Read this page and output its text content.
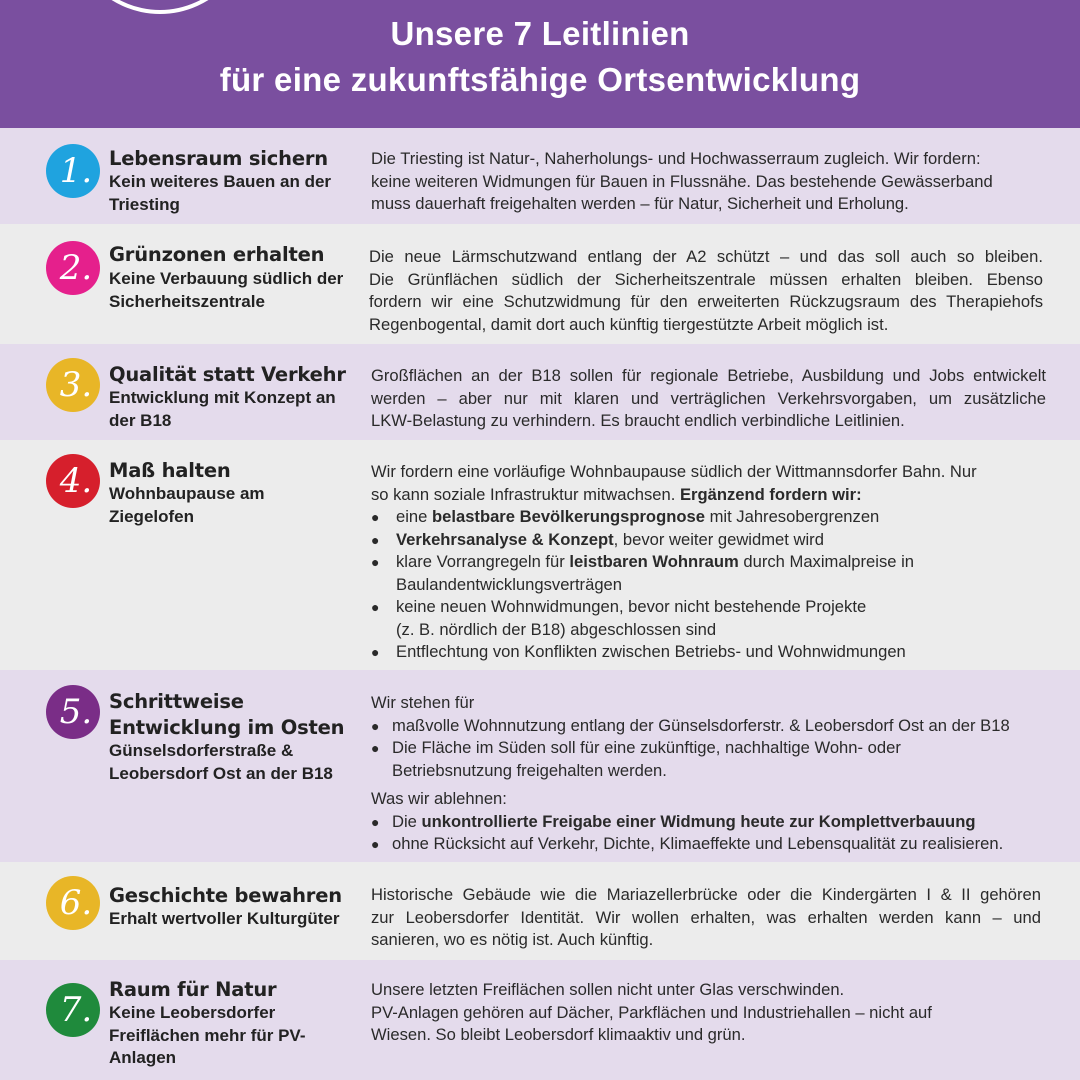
Unsere 7 Leitlinien
für eine zukunftsfähige Ortsentwicklung
1. Lebensraum sichern
Kein weiteres Bauen an der
Triesting
Die Triesting ist Natur-, Naherholungs- und Hochwasserraum zugleich. Wir fordern:
keine weiteren Widmungen für Bauen in Flussnähe. Das bestehende Gewässerband
muss dauerhaft freigehalten werden – für Natur, Sicherheit und Erholung.
2. Grünzonen erhalten
Keine Verbauung südlich der
Sicherheitszentrale
Die neue Lärmschutzwand entlang der A2 schützt – und das soll auch so bleiben.
Die Grünflächen südlich der Sicherheitszentrale müssen erhalten bleiben. Ebenso
fordern wir eine Schutzwidmung für den erweiterten Rückzugsraum des Therapiehofs
Regenbogental, damit dort auch künftig tiergestützte Arbeit möglich ist.
3. Qualität statt Verkehr
Entwicklung mit Konzept an
der B18
Großflächen an der B18 sollen für regionale Betriebe, Ausbildung und Jobs entwickelt
werden – aber nur mit klaren und verträglichen Verkehrsvorgaben, um zusätzliche
LKW-Belastung zu verhindern. Es braucht endlich verbindliche Leitlinien.
4. Maß halten
Wohnbaupause am
Ziegelofen
Wir fordern eine vorläufige Wohnbaupause südlich der Wittmannsdorfer Bahn. Nur
so kann soziale Infrastruktur mitwachsen. Ergänzend fordern wir:
● eine belastbare Bevölkerungsprognose mit Jahresobergrenzen
● Verkehrsanalyse & Konzept, bevor weiter gewidmet wird
● klare Vorrangregeln für leistbaren Wohnraum durch Maximalpreise in
Baulandentwicklungsverträgen
● keine neuen Wohnwidmungen, bevor nicht bestehende Projekte
(z. B. nördlich der B18) abgeschlossen sind
● Entflechtung von Konflikten zwischen Betriebs- und Wohnwidmungen
5. Schrittweise
Entwicklung im Osten
Günselsdorferstraße &
Leobersdorf Ost an der B18
Wir stehen für
● maßvolle Wohnnutzung entlang der Günselsdorferstr. & Leobersdorf Ost an der B18
● Die Fläche im Süden soll für eine zukünftige, nachhaltige Wohn- oder
Betriebsnutzung freigehalten werden.
Was wir ablehnen:
● Die unkontrollierte Freigabe einer Widmung heute zur Komplettverbauung
● ohne Rücksicht auf Verkehr, Dichte, Klimaeffekte und Lebensqualität zu realisieren.
6. Geschichte bewahren
Erhalt wertvoller Kulturgüter
Historische Gebäude wie die Mariazellerbrücke oder die Kindergärten I & II gehören
zur Leobersdorfer Identität. Wir wollen erhalten, was erhalten werden kann – und
sanieren, wo es nötig ist. Auch künftig.
7.
Raum für Natur
Keine Leobersdorfer
Freiflächen mehr für PV-
Anlagen
Unsere letzten Freiflächen sollen nicht unter Glas verschwinden.
PV-Anlagen gehören auf Dächer, Parkflächen und Industriehallen – nicht auf
Wiesen. So bleibt Leobersdorf klimaaktiv und grün.
